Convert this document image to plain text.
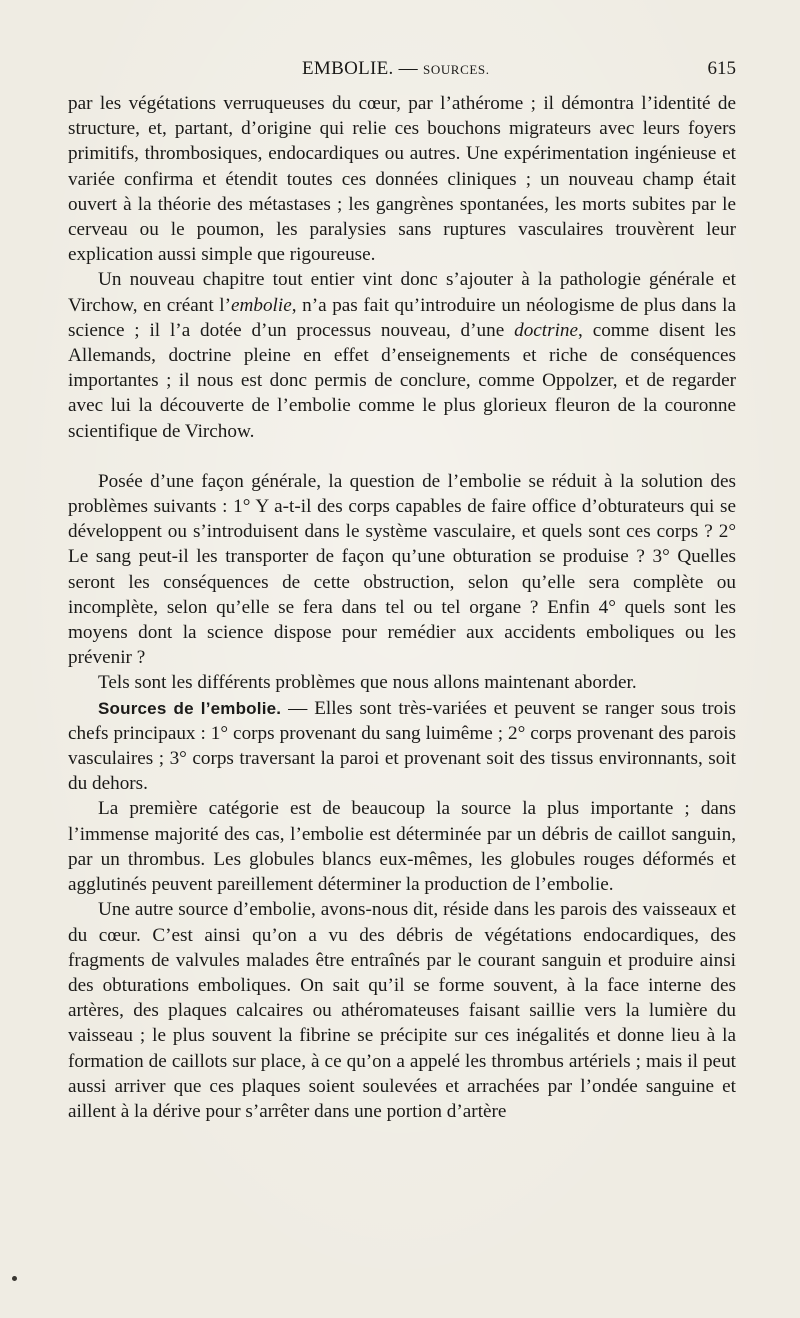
EMBOLIE. — SOURCES.	615

par les végétations verruqueuses du cœur, par l’athérome ; il démontra l’identité de structure, et, partant, d’origine qui relie ces bouchons migrateurs avec leurs foyers primitifs, thrombosiques, endocardiques ou autres. Une expérimentation ingénieuse et variée confirma et étendit toutes ces données cliniques ; un nouveau champ était ouvert à la théorie des métastases ; les gangrènes spontanées, les morts subites par le cerveau ou le poumon, les paralysies sans ruptures vasculaires trouvèrent leur explication aussi simple que rigoureuse.

Un nouveau chapitre tout entier vint donc s’ajouter à la pathologie générale et Virchow, en créant l’embolie, n’a pas fait qu’introduire un néologisme de plus dans la science ; il l’a dotée d’un processus nouveau, d’une doctrine, comme disent les Allemands, doctrine pleine en effet d’enseignements et riche de conséquences importantes ; il nous est donc permis de conclure, comme Oppolzer, et de regarder avec lui la découverte de l’embolie comme le plus glorieux fleuron de la couronne scientifique de Virchow.

Posée d’une façon générale, la question de l’embolie se réduit à la solution des problèmes suivants : 1° Y a-t-il des corps capables de faire office d’obturateurs qui se développent ou s’introduisent dans le système vasculaire, et quels sont ces corps ? 2° Le sang peut-il les transporter de façon qu’une obturation se produise ? 3° Quelles seront les conséquences de cette obstruction, selon qu’elle sera complète ou incomplète, selon qu’elle se fera dans tel ou tel organe ? Enfin 4° quels sont les moyens dont la science dispose pour remédier aux accidents emboliques ou les prévenir ?

Tels sont les différents problèmes que nous allons maintenant aborder.

Sources de l’embolie. — Elles sont très-variées et peuvent se ranger sous trois chefs principaux : 1° corps provenant du sang luimême ; 2° corps provenant des parois vasculaires ; 3° corps traversant la paroi et provenant soit des tissus environnants, soit du dehors.

La première catégorie est de beaucoup la source la plus importante ; dans l’immense majorité des cas, l’embolie est déterminée par un débris de caillot sanguin, par un thrombus. Les globules blancs eux-mêmes, les globules rouges déformés et agglutinés peuvent pareillement déterminer la production de l’embolie.

Une autre source d’embolie, avons-nous dit, réside dans les parois des vaisseaux et du cœur. C’est ainsi qu’on a vu des débris de végétations endocardiques, des fragments de valvules malades être entraînés par le courant sanguin et produire ainsi des obturations emboliques. On sait qu’il se forme souvent, à la face interne des artères, des plaques calcaires ou athéromateuses faisant saillie vers la lumière du vaisseau ; le plus souvent la fibrine se précipite sur ces inégalités et donne lieu à la formation de caillots sur place, à ce qu’on a appelé les thrombus artériels ; mais il peut aussi arriver que ces plaques soient soulevées et arrachées par l’ondée sanguine et aillent à la dérive pour s’arrêter dans une portion d’artère
